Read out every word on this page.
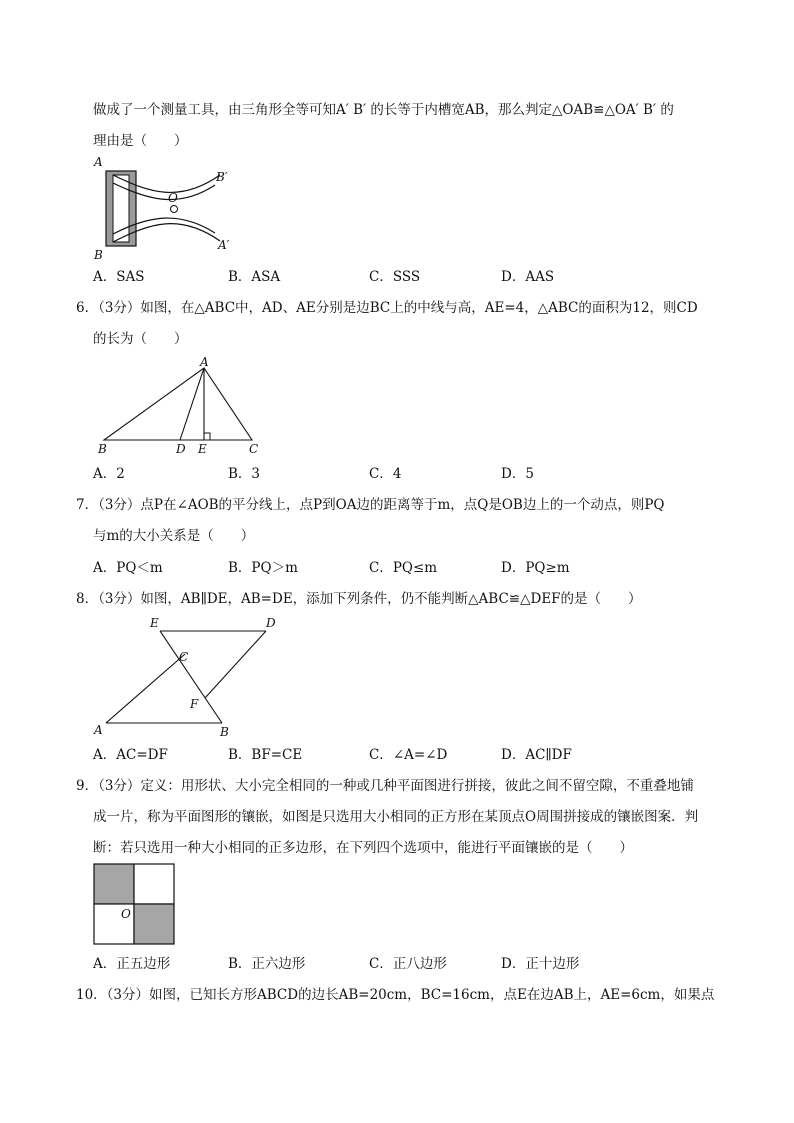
做成了一个测量工具，由三角形全等可知A′ B′ 的长等于内槽宽AB，那么判定△OAB≌△OA′ B′ 的
理由是（　　）
A
B
O
B′
A′
A．SAS	B．ASA	C．SSS	D．AAS
6．（3分）如图，在△ABC中，AD、AE分别是边BC上的中线与高，AE=4，△ABC的面积为12，则CD
的长为（　　）
A
B	D E	C
A．2	B．3	C．4	D．5
7．（3分）点P在∠AOB的平分线上，点P到OA边的距离等于m，点Q是OB边上的一个动点，则PQ
与m的大小关系是（　　）
A．PQ＜m	B．PQ＞m	C．PQ≤m	D．PQ≥m
8．（3分）如图，AB∥DE，AB=DE，添加下列条件，仍不能判断△ABC≌△DEF的是（　　）
E	D
C
F
A	B
A．AC=DF	B．BF=CE	C．∠A=∠D	D．AC∥DF
9．（3分）定义：用形状、大小完全相同的一种或几种平面图进行拼接，彼此之间不留空隙，不重叠地铺
成一片，称为平面图形的镶嵌，如图是只选用大小相同的正方形在某顶点O周围拼接成的镶嵌图案．判
断：若只选用一种大小相同的正多边形，在下列四个选项中，能进行平面镶嵌的是（　　）
O
A．正五边形	B．正六边形	C．正八边形	D．正十边形
10．（3分）如图，已知长方形ABCD的边长AB=20cm，BC=16cm，点E在边AB上，AE=6cm，如果点
